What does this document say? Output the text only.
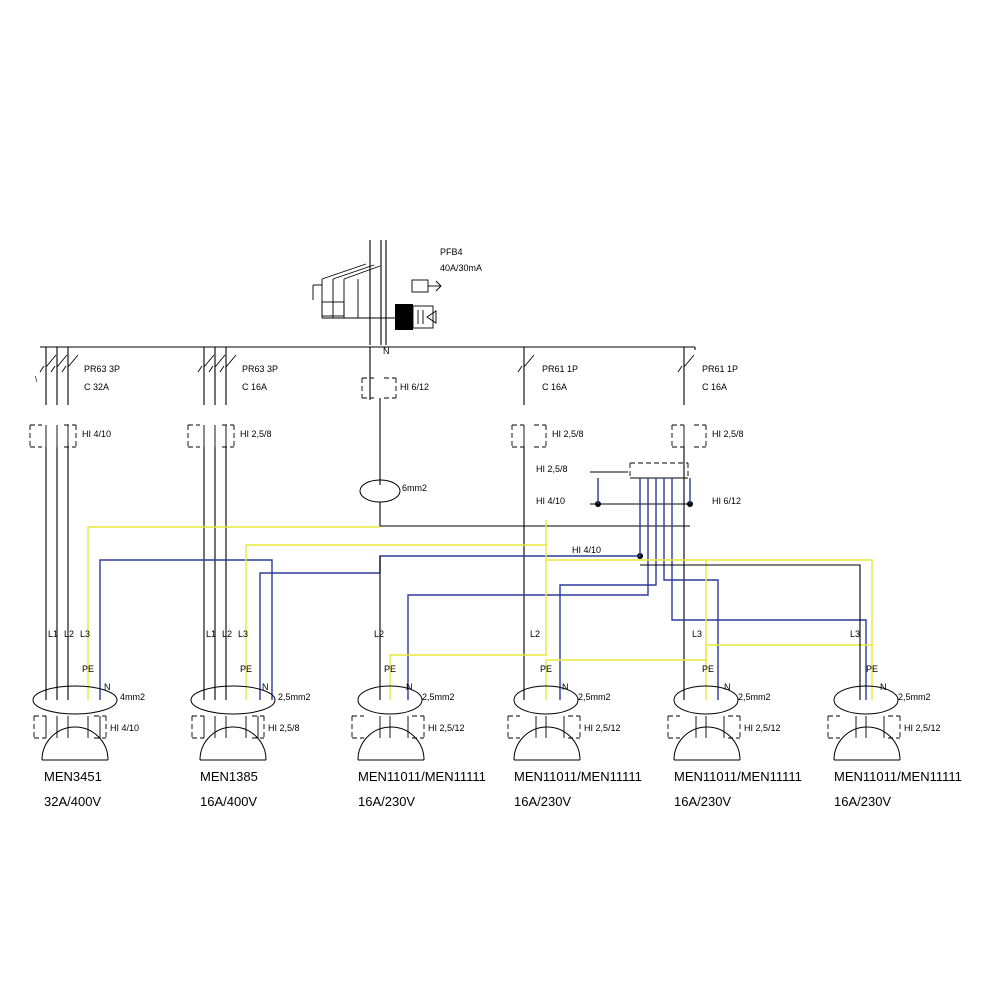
PFB4
40A/30mA
N
\
PR63 3P
C 32A
HI 4/10
PR63 3P
C 16A
HI 2,5/8
HI 6/12
6mm2
PR61 1P
C 16A
HI 2,5/8
PR61 1P
C 16A
HI 2,5/8
HI 2,5/8
HI 4/10	HI 6/12
HI 4/10
L1 L2 L3
PE
N
4mm2
HI 4/10
MEN3451
32A/400V
L1 L2 L3
PE
N
2,5mm2
HI 2,5/8
MEN1385
16A/400V
L2
PE
N
2,5mm2
HI 2,5/12
MEN11011/MEN11111
16A/230V
L2
PE
N
2,5mm2
HI 2,5/12
MEN11011/MEN11111
16A/230V
L3
PE
N
2,5mm2
HI 2,5/12
MEN11011/MEN11111
16A/230V
L3
PE
N
2,5mm2
HI 2,5/12
MEN11011/MEN11111
16A/230V
